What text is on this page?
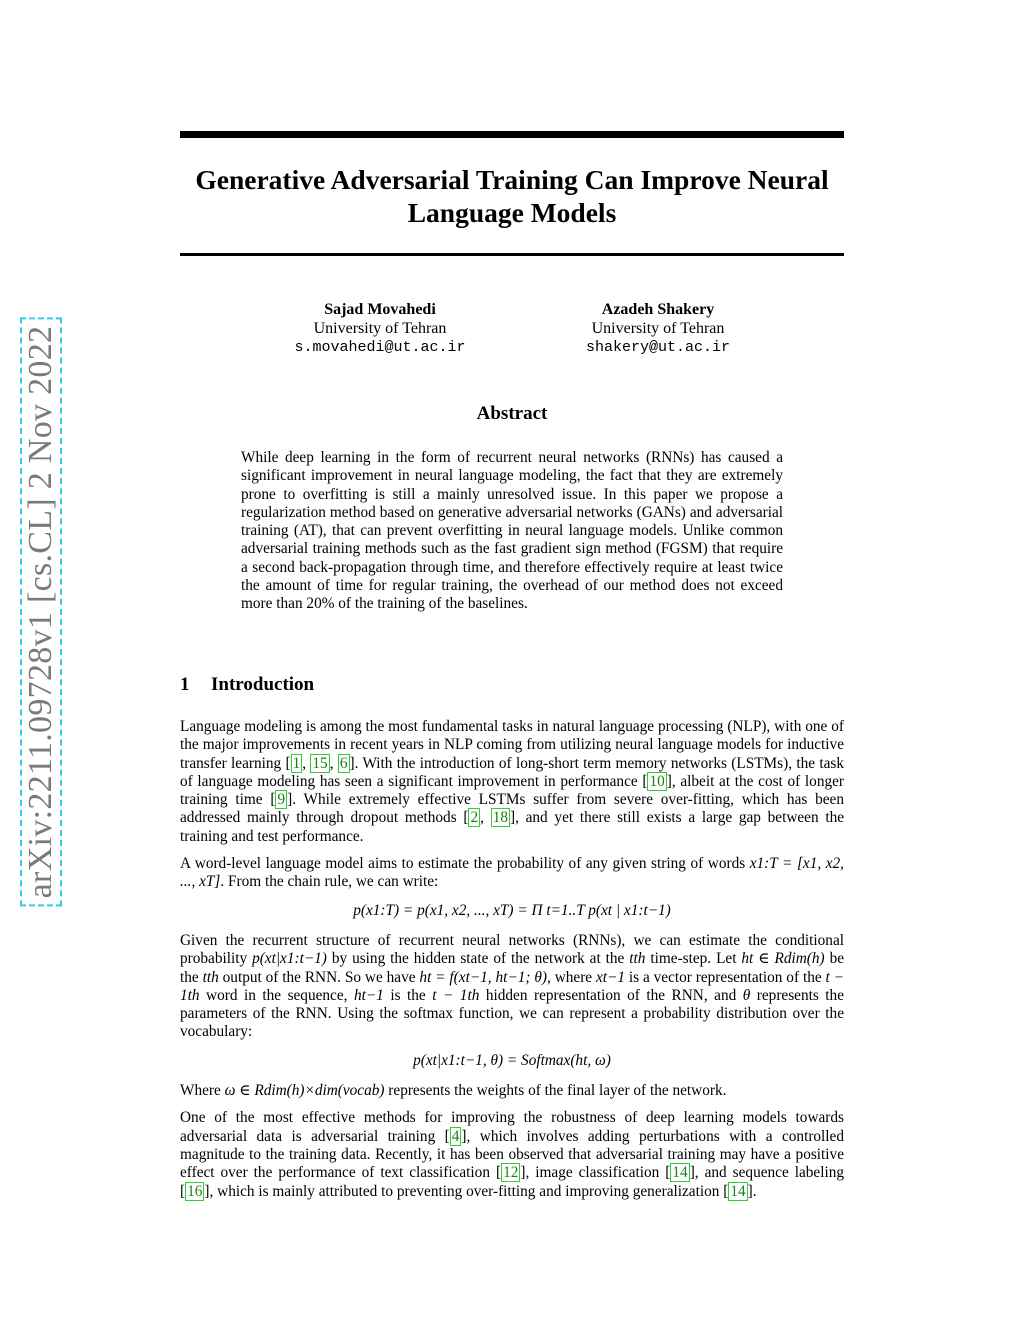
arXiv:2211.09728v1 [cs.CL] 2 Nov 2022
Generative Adversarial Training Can Improve Neural
Language Models
Sajad Movahedi
University of Tehran
s.movahedi@ut.ac.ir
Azadeh Shakery
University of Tehran
shakery@ut.ac.ir
Abstract
While deep learning in the form of recurrent neural networks (RNNs) has caused a significant improvement in neural language modeling, the fact that they are extremely prone to overfitting is still a mainly unresolved issue. In this paper we propose a regularization method based on generative adversarial networks (GANs) and adversarial training (AT), that can prevent overfitting in neural language models. Unlike common adversarial training methods such as the fast gradient sign method (FGSM) that require a second back-propagation through time, and therefore effectively require at least twice the amount of time for regular training, the overhead of our method does not exceed more than 20% of the training of the baselines.
1 Introduction

Language modeling is among the most fundamental tasks in natural language processing (NLP), with one of the major improvements in recent years in NLP coming from utilizing neural language models for inductive transfer learning [ 1 , 15 , 6 ]. With the introduction of long-short term memory networks (LSTMs), the task of language modeling has seen a significant improvement in performance [ 10 ], albeit at the cost of longer training time [ 9 ]. While extremely effective LSTMs suffer from severe over-fitting, which has been addressed mainly through dropout methods [ 2 , 18 ], and yet there still exists a large gap between the training and test performance.

A word-level language model aims to estimate the probability of any given string of words x1:T = [x1, x2, ..., xT]. From the chain rule, we can write:

p(x1:T) = p(x1, x2, ..., xT) = Π t=1..T p(xt | x1:t−1)

Given the recurrent structure of recurrent neural networks (RNNs), we can estimate the conditional probability p(xt|x1:t−1) by using the hidden state of the network at the tth time-step. Let ht ∈ Rdim(h) be the tth output of the RNN. So we have ht = f(xt−1, ht−1; θ), where xt−1 is a vector representation of the t − 1th word in the sequence, ht−1 is the t − 1th hidden representation of the RNN, and θ represents the parameters of the RNN. Using the softmax function, we can represent a probability distribution over the vocabulary:

p(xt|x1:t−1, θ) = Softmax(ht, ω)

Where ω ∈ Rdim(h)×dim(vocab) represents the weights of the final layer of the network.

One of the most effective methods for improving the robustness of deep learning models towards adversarial data is adversarial training [ 4 ], which involves adding perturbations with a controlled magnitude to the training data. Recently, it has been observed that adversarial training may have a positive effect over the performance of text classification [ 12 ], image classification [ 14 ], and sequence labeling [ 16 ], which is mainly attributed to preventing over-fitting and improving generalization [ 14 ].
